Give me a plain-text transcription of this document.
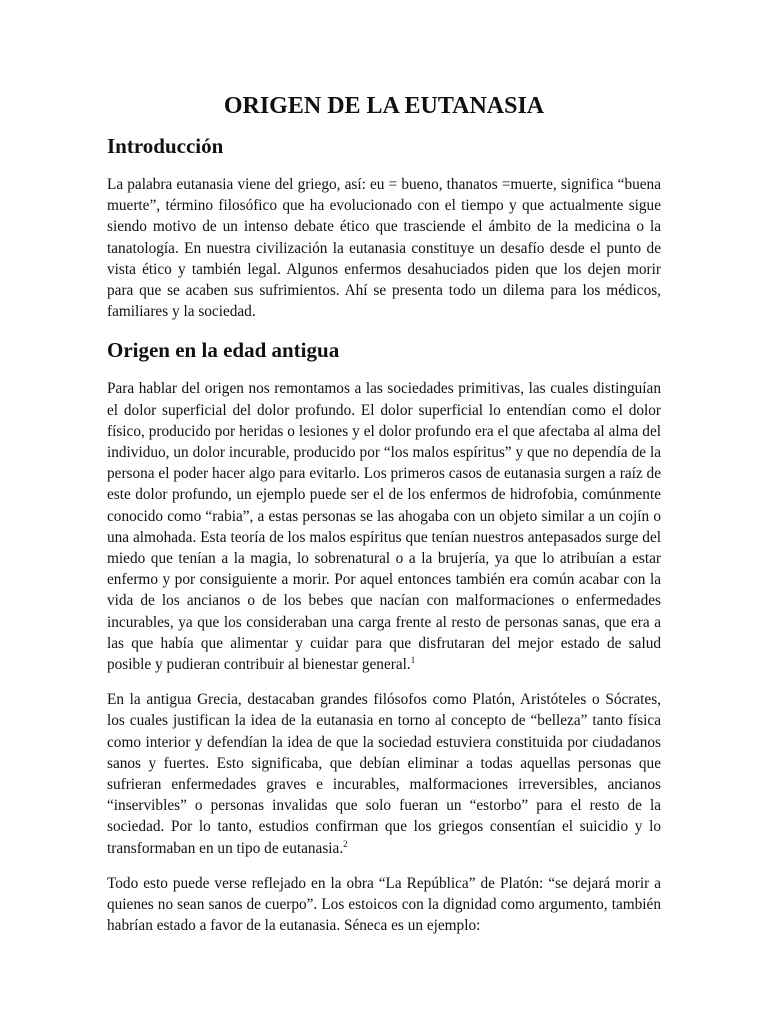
ORIGEN DE LA EUTANASIA
Introducción

La palabra eutanasia viene del griego, así: eu = bueno, thanatos =muerte, significa “buena muerte”, término filosófico que ha evolucionado con el tiempo y que actualmente sigue siendo motivo de un intenso debate ético que trasciende el ámbito de la medicina o la tanatología. En nuestra civilización la eutanasia constituye un desafío desde el punto de vista ético y también legal. Algunos enfermos desahuciados piden que los dejen morir para que se acaben sus sufrimientos. Ahí se presenta todo un dilema para los médicos, familiares y la sociedad.

Origen en la edad antigua

Para hablar del origen nos remontamos a las sociedades primitivas, las cuales distinguían el dolor superficial del dolor profundo. El dolor superficial lo entendían como el dolor físico, producido por heridas o lesiones y el dolor profundo era el que afectaba al alma del individuo, un dolor incurable, producido por “los malos espíritus” y que no dependía de la persona el poder hacer algo para evitarlo. Los primeros casos de eutanasia surgen a raíz de este dolor profundo, un ejemplo puede ser el de los enfermos de hidrofobia, comúnmente conocido como “rabia”, a estas personas se las ahogaba con un objeto similar a un cojín o una almohada. Esta teoría de los malos espíritus que tenían nuestros antepasados surge del miedo que tenían a la magia, lo sobrenatural o a la brujería, ya que lo atribuían a estar enfermo y por consiguiente a morir. Por aquel entonces también era común acabar con la vida de los ancianos o de los bebes que nacían con malformaciones o enfermedades incurables, ya que los consideraban una carga frente al resto de personas sanas, que era a las que había que alimentar y cuidar para que disfrutaran del mejor estado de salud posible y pudieran contribuir al bienestar general.$^1$

En la antigua Grecia, destacaban grandes filósofos como Platón, Aristóteles o Sócrates, los cuales justifican la idea de la eutanasia en torno al concepto de “belleza” tanto física como interior y defendían la idea de que la sociedad estuviera constituida por ciudadanos sanos y fuertes. Esto significaba, que debían eliminar a todas aquellas personas que sufrieran enfermedades graves e incurables, malformaciones irreversibles, ancianos “inservibles” o personas invalidas que solo fueran un “estorbo” para el resto de la sociedad. Por lo tanto, estudios confirman que los griegos consentían el suicidio y lo transformaban en un tipo de eutanasia.$^2$

Todo esto puede verse reflejado en la obra “La República” de Platón: “se dejará morir a quienes no sean sanos de cuerpo”. Los estoicos con la dignidad como argumento, también habrían estado a favor de la eutanasia. Séneca es un ejemplo:
